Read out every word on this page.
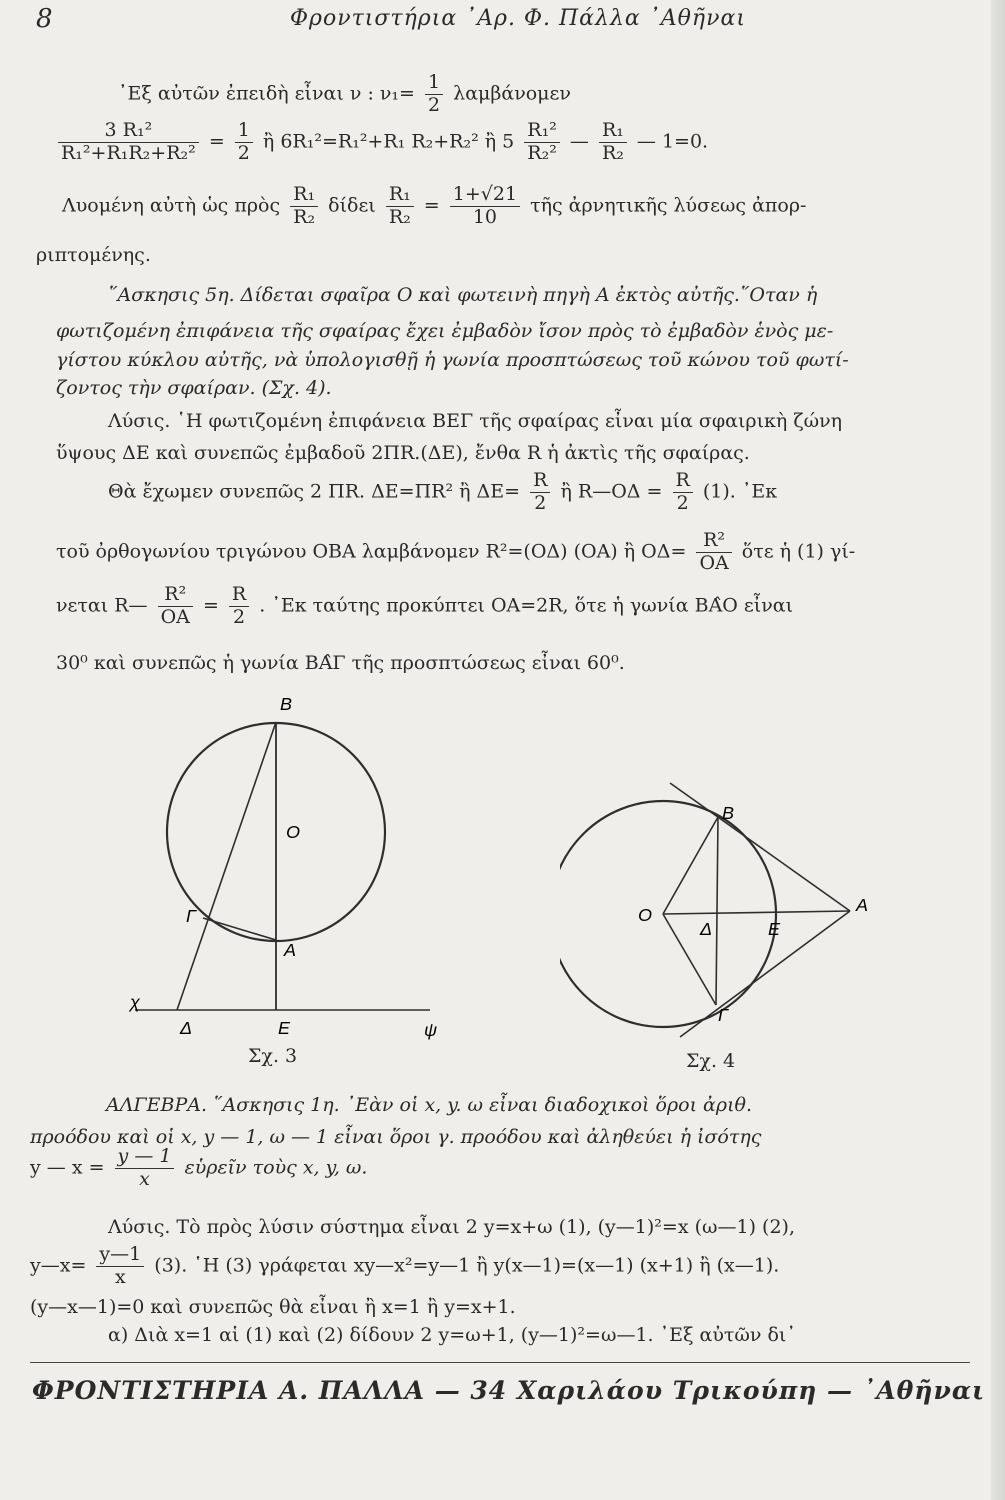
8	Φροντιστήρια ᾿Αρ. Φ. Πάλλα ᾿Αθῆναι
᾿Εξ αὐτῶν ἐπειδὴ εἶναι ν : $\nu_1= \frac{1}{2}$ λαμβάνομεν
$\frac{\text{3 R₁²}}{\text{R₁²+R₁R₂+R₂²}} = \frac{1}{2}$ ἢ 6R₁²=R₁²+R₁ R₂+R₂² ἢ $5 \frac{\text{R₁²}}{\text{R₂²}}$ — $\frac{\text{R₁}}{\text{R₂}}$ — 1=0.
Λυομένη αὐτὴ ὡς πρὸς $\frac{\text{R₁}}{\text{R₂}}$ δίδει $\frac{\text{R₁}}{\text{R₂}} = \frac{1+√21}{10}$ τῆς ἀρνητικῆς λύσεως ἀπορ-
ριπτομένης.
῞Ασκησις 5η. Δίδεται σφαῖρα Ο καὶ φωτεινὴ πηγὴ Α ἐκτὸς αὐτῆς.῞Οταν ἡ
φωτιζομένη ἐπιφάνεια τῆς σφαίρας ἔχει ἐμβαδὸν ἴσον πρὸς τὸ ἐμβαδὸν ἑνὸς με-
γίστου κύκλου αὐτῆς, νὰ ὑπολογισθῇ ἡ γωνία προσπτώσεως τοῦ κώνου τοῦ φωτί-
ζοντος τὴν σφαίραν. (Σχ. 4).
Λύσις. ῾Η φωτιζομένη ἐπιφάνεια ΒΕΓ τῆς σφαίρας εἶναι μία σφαιρικὴ ζώνη
ὕψους ΔΕ καὶ συνεπῶς ἐμβαδοῦ 2ΠR.(ΔΕ), ἔνθα R ἡ ἀκτὶς τῆς σφαίρας.
Θὰ ἔχωμεν συνεπῶς 2 ΠR. ΔΕ=ΠR² ἢ $\Delta E= \frac{R}{2}$ ἢ R—ΟΔ = $\frac{R}{2} (1)$. ᾿Εκ
τοῦ ὀρθογωνίου τριγώνου ΟΒΑ λαμβάνομεν R²=(ΟΔ) (ΟΑ) ἢ $O\Delta= \frac{\text{R²}}{OA}$ ὅτε ἡ (1) γί-
νεται R— $\frac{\text{R²}}{OA} = \frac{R}{2}$ . ᾿Εκ ταύτης προκύπτει ΟΑ=2R, ὅτε ἡ γωνία ΒΑ̂Ο εἶναι
30⁰ καὶ συνεπῶς ἡ γωνία ΒΑ̂Γ τῆς προσπτώσεως εἶναι 60⁰.
Β
Ο
Γ
Α
χ
Δ	Ε	ψ
Σχ. 3
Β
Ο
Δ	Ε
Α
Γ
Σχ. 4
ΑΛΓΕΒΡΑ. ῞Ασκησις 1η. ᾿Εὰν οἱ x, y. ω εἶναι διαδοχικοὶ ὅροι ἀριθ.
προόδου καὶ οἱ x, y — 1, ω — 1 εἶναι ὅροι γ. προόδου καὶ ἀληθεύει ἡ ἰσότης
y — $x = \frac{y — 1}{x}$ εὑρεῖν τοὺς x, y, ω.
Λύσις. Τὸ πρὸς λύσιν σύστημα εἶναι 2 y=x+ω (1), (y—1)²=x (ω—1) (2),
y—x= $\frac{y—1}{x} (3)$. ῾Η (3) γράφεται xy—x²=y—1 ἢ y(x—1)=(x—1) (x+1) ἢ (x—1).
(y—x—1)=0 καὶ συνεπῶς θὰ εἶναι ἢ x=1 ἢ y=x+1.
α) Διὰ x=1 αἱ (1) καὶ (2) δίδουν 2 y=ω+1, (y—1)²=ω—1. ᾿Εξ αὐτῶν δι᾿
ΦΡΟΝΤΙΣΤΗΡΙΑ Α. ΠΑΛΛΑ — 34 Χαριλάου Τρικούπη — ᾿Αθῆναι
